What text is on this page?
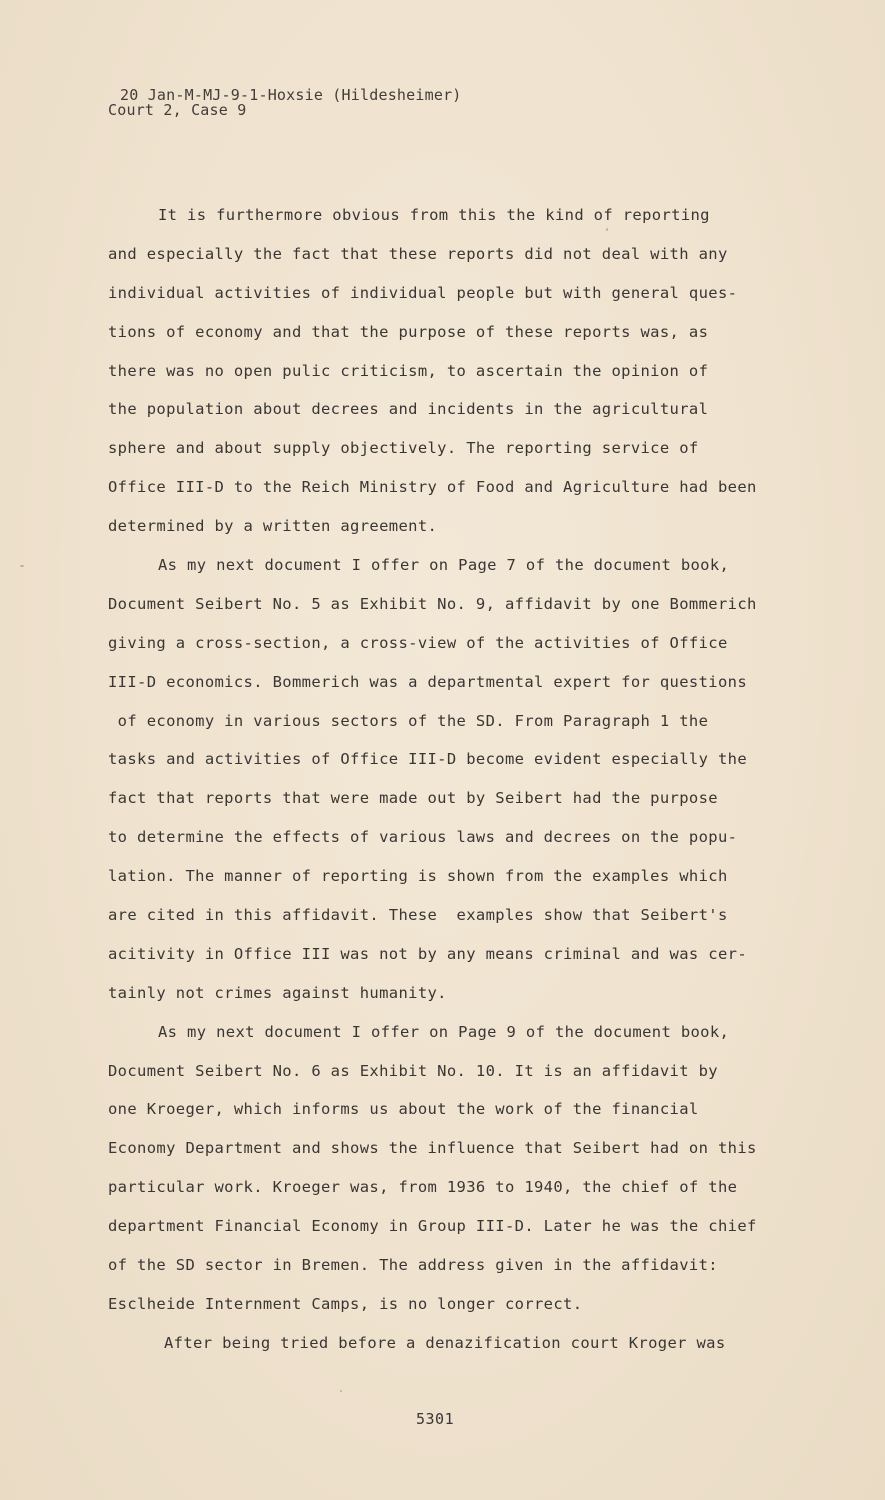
20 Jan-M-MJ-9-1-Hoxsie (Hildesheimer)
Court 2, Case 9
It is furthermore obvious from this the kind of reporting
and especially the fact that these reports did not deal with any
individual activities of individual people but with general ques-
tions of economy and that the purpose of these reports was, as
there was no open pulic criticism, to ascertain the opinion of
the population about decrees and incidents in the agricultural
sphere and about supply objectively. The reporting service of
Office III-D to the Reich Ministry of Food and Agriculture had been
determined by a written agreement.
As my next document I offer on Page 7 of the document book,
Document Seibert No. 5 as Exhibit No. 9, affidavit by one Bommerich
giving a cross-section, a cross-view of the activities of Office
III-D economics. Bommerich was a departmental expert for questions
of economy in various sectors of the SD. From Paragraph 1 the
tasks and activities of Office III-D become evident especially the
fact that reports that were made out by Seibert had the purpose
to determine the effects of various laws and decrees on the popu-
lation. The manner of reporting is shown from the examples which
are cited in this affidavit. These  examples show that Seibert's
acitivity in Office III was not by any means criminal and was cer-
tainly not crimes against humanity.
As my next document I offer on Page 9 of the document book,
Document Seibert No. 6 as Exhibit No. 10. It is an affidavit by
one Kroeger, which informs us about the work of the financial
Economy Department and shows the influence that Seibert had on this
particular work. Kroeger was, from 1936 to 1940, the chief of the
department Financial Economy in Group III-D. Later he was the chief
of the SD sector in Bremen. The address given in the affidavit:
Esclheide Internment Camps, is no longer correct.
After being tried before a denazification court Kroger was
5301
